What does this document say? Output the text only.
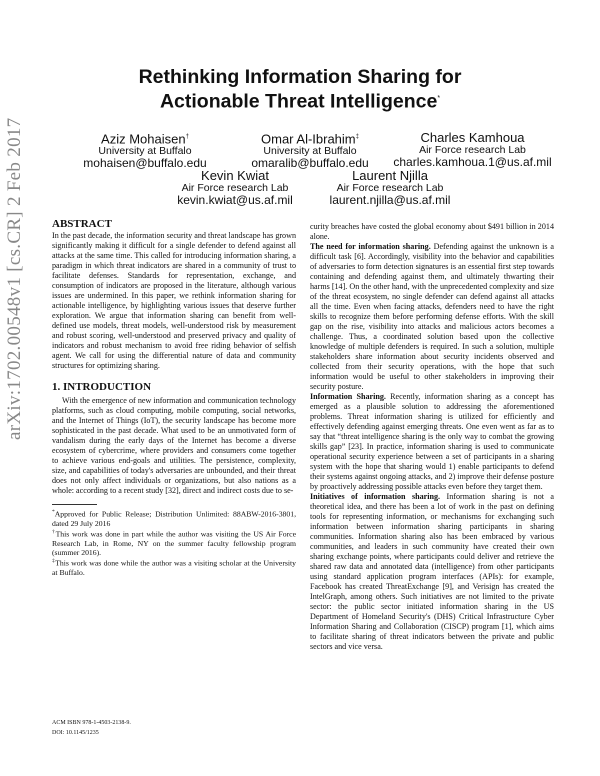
arXiv:1702.00548v1 [cs.CR] 2 Feb 2017
Rethinking Information Sharing for
Actionable Threat Intelligence*
Aziz Mohaisen†
University at Buffalo
mohaisen@buffalo.edu
Omar Al-Ibrahim‡
University at Buffalo
omaralib@buffalo.edu
Charles Kamhoua
Air Force research Lab
charles.kamhoua.1@us.af.mil
Kevin Kwiat
Air Force research Lab
kevin.kwiat@us.af.mil
Laurent Njilla
Air Force research Lab
laurent.njilla@us.af.mil
ABSTRACT

In the past decade, the information security and threat landscape has grown significantly making it difficult for a single defender to defend against all attacks at the same time. This called for introducing information sharing, a paradigm in which threat indicators are shared in a community of trust to facilitate defenses. Standards for representation, exchange, and consumption of indicators are proposed in the literature, although various issues are undermined. In this paper, we rethink information sharing for actionable intelligence, by highlighting various issues that deserve further exploration. We argue that information sharing can benefit from well-defined use models, threat models, well-understood risk by measurement and robust scoring, well-understood and preserved privacy and quality of indicators and robust mechanism to avoid free riding behavior of selfish agent. We call for using the differential nature of data and community structures for optimizing sharing.

1. INTRODUCTION

With the emergence of new information and communication technology platforms, such as cloud computing, mobile computing, social networks, and the Internet of Things (IoT), the security landscape has become more sophisticated in the past decade. What used to be an unmotivated form of vandalism during the early days of the Internet has become a diverse ecosystem of cybercrime, where providers and consumers come together to achieve various end-goals and utilities. The persistence, complexity, size, and capabilities of today's adversaries are unbounded, and their threat does not only affect individuals or organizations, but also nations as a whole: according to a recent study [32], direct and indirect costs due to se-

*Approved for Public Release; Distribution Unlimited: 88ABW-2016-3801, dated 29 July 2016

†This work was done in part while the author was visiting the US Air Force Research Lab, in Rome, NY on the summer faculty fellowship program (summer 2016).

‡This work was done while the author was a visiting scholar at the University at Buffalo.

ACM ISBN 978-1-4503-2138-9.
DOI: 10.1145/1235

curity breaches have costed the global economy about $491 billion in 2014 alone.

The need for information sharing. Defending against the unknown is a difficult task [6]. Accordingly, visibility into the behavior and capabilities of adversaries to form detection signatures is an essential first step towards containing and defending against them, and ultimately thwarting their harms [14]. On the other hand, with the unprecedented complexity and size of the threat ecosystem, no single defender can defend against all attacks all the time. Even when facing attacks, defenders need to have the right skills to recognize them before performing defense efforts. With the skill gap on the rise, visibility into attacks and malicious actors becomes a challenge. Thus, a coordinated solution based upon the collective knowledge of multiple defenders is required. In such a solution, multiple stakeholders share information about security incidents observed and collected from their security operations, with the hope that such information would be useful to other stakeholders in improving their security posture.

Information Sharing. Recently, information sharing as a concept has emerged as a plausible solution to addressing the aforementioned problems. Threat information sharing is utilized for efficiently and effectively defending against emerging threats. One even went as far as to say that “threat intelligence sharing is the only way to combat the growing skills gap” [23]. In practice, information sharing is used to communicate operational security experience between a set of participants in a sharing system with the hope that sharing would 1) enable participants to defend their systems against ongoing attacks, and 2) improve their defense posture by proactively addressing possible attacks even before they target them.

Initiatives of information sharing. Information sharing is not a theoretical idea, and there has been a lot of work in the past on defining tools for representing information, or mechanisms for exchanging such information between information sharing participants in sharing communities. Information sharing also has been embraced by various communities, and leaders in such community have created their own sharing exchange points, where participants could deliver and retrieve the shared raw data and annotated data (intelligence) from other participants using standard application program interfaces (APIs): for example, Facebook has created ThreatExchange [9], and Verisign has created the IntelGraph, among others. Such initiatives are not limited to the private sector: the public sector initiated information sharing in the US Department of Homeland Security's (DHS) Critical Infrastructure Cyber Information Sharing and Collaboration (CISCP) program [1], which aims to facilitate sharing of threat indicators between the private and public sectors and vice versa.
